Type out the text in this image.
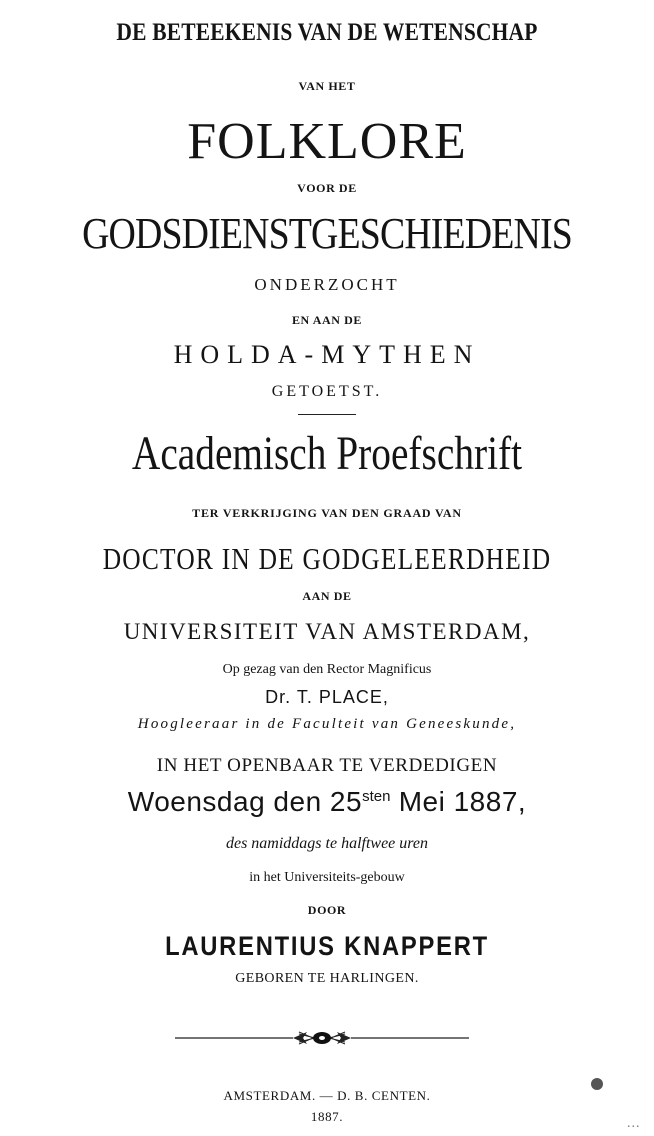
DE BETEEKENIS VAN DE WETENSCHAP
VAN HET
FOLKLORE
VOOR DE
GODSDIENSTGESCHIEDENIS
ONDERZOCHT
EN AAN DE
HOLDA-MYTHEN
GETOETST.
Academisch Proefschrift
TER VERKRIJGING VAN DEN GRAAD VAN
DOCTOR IN DE GODGELEERDHEID
AAN DE
UNIVERSITEIT VAN AMSTERDAM,
Op gezag van den Rector Magnificus
Dr. T. PLACE,
Hoogleeraar in de Faculteit van Geneeskunde,
IN HET OPENBAAR TE VERDEDIGEN
Woensdag den $25^{sten}$ Mei 1887,
des namiddags te halftwee uren
in het Universiteits-gebouw
DOOR
LAURENTIUS KNAPPERT
GEBOREN TE HARLINGEN.
AMSTERDAM. — D. B. CENTEN.
1887.	...
